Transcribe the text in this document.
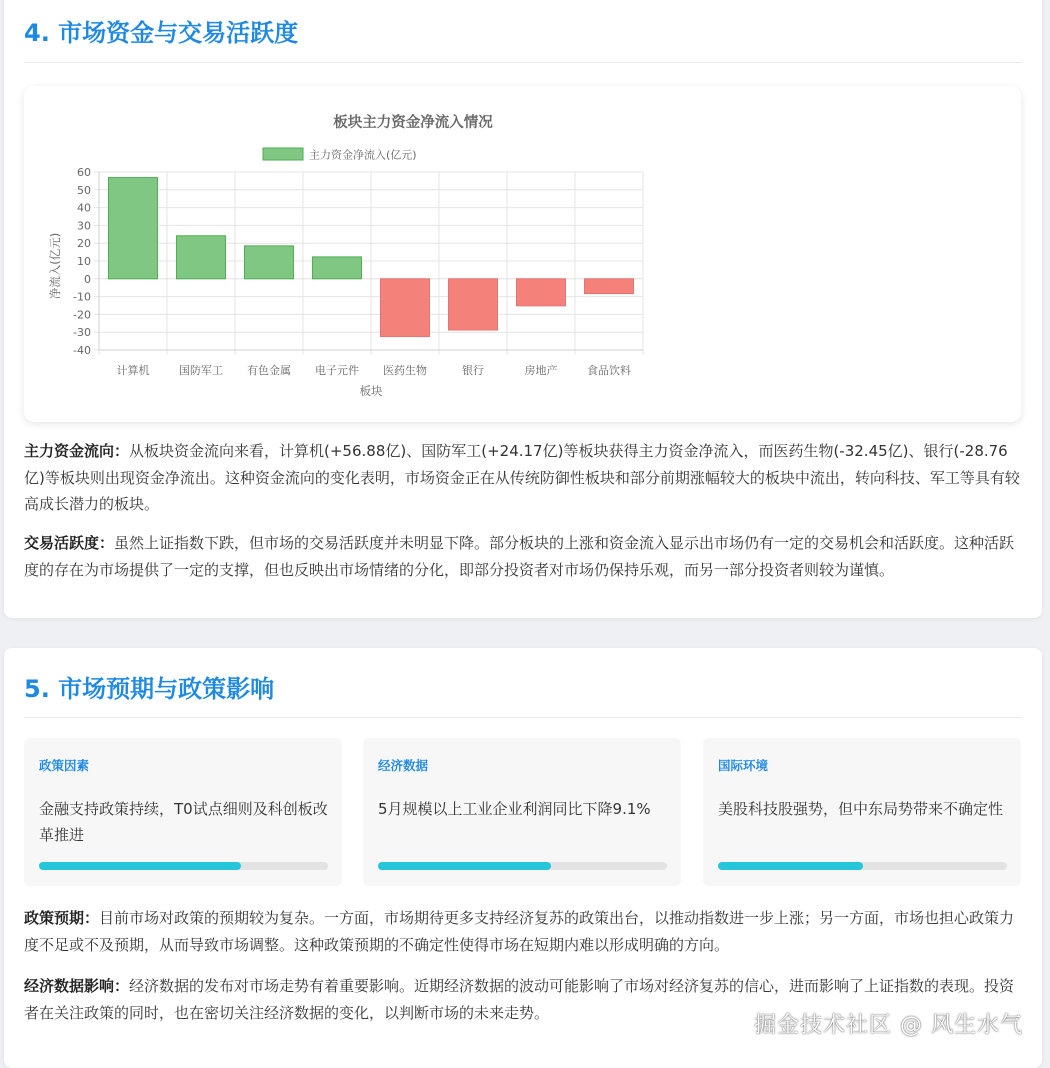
4. 市场资金与交易活跃度
板块主力资金净流入情况
主力资金净流入(亿元)
60
50
40
30
20
10
0
-10
-20
-30
-40
计算机	国防军工 有色金属 电子元件 医药生物	银行	房地产	食品饮料
板块
净流入(亿元)

主力资金流向：从板块资金流向来看，计算机(+56.88亿)、国防军工(+24.17亿)等板块获得主力资金净流入，而医药生物(-32.45亿)、银行(-28.76亿)等板块则出现资金净流出。这种资金流向的变化表明，市场资金正在从传统防御性板块和部分前期涨幅较大的板块中流出，转向科技、军工等具有较高成长潜力的板块。

交易活跃度：虽然上证指数下跌，但市场的交易活跃度并未明显下降。部分板块的上涨和资金流入显示出市场仍有一定的交易机会和活跃度。这种活跃度的存在为市场提供了一定的支撑，但也反映出市场情绪的分化，即部分投资者对市场仍保持乐观，而另一部分投资者则较为谨慎。

5. 市场预期与政策影响
政策因素
金融支持政策持续，T0试点细则及科创板改革推进
经济数据
5月规模以上工业企业利润同比下降9.1%
国际环境
美股科技股强势，但中东局势带来不确定性

政策预期：目前市场对政策的预期较为复杂。一方面，市场期待更多支持经济复苏的政策出台，以推动指数进一步上涨；另一方面，市场也担心政策力度不足或不及预期，从而导致市场调整。这种政策预期的不确定性使得市场在短期内难以形成明确的方向。

经济数据影响：经济数据的发布对市场走势有着重要影响。近期经济数据的波动可能影响了市场对经济复苏的信心，进而影响了上证指数的表现。投资者在关注政策的同时，也在密切关注经济数据的变化，以判断市场的未来走势。

掘金技术社区 @ 风生水气
